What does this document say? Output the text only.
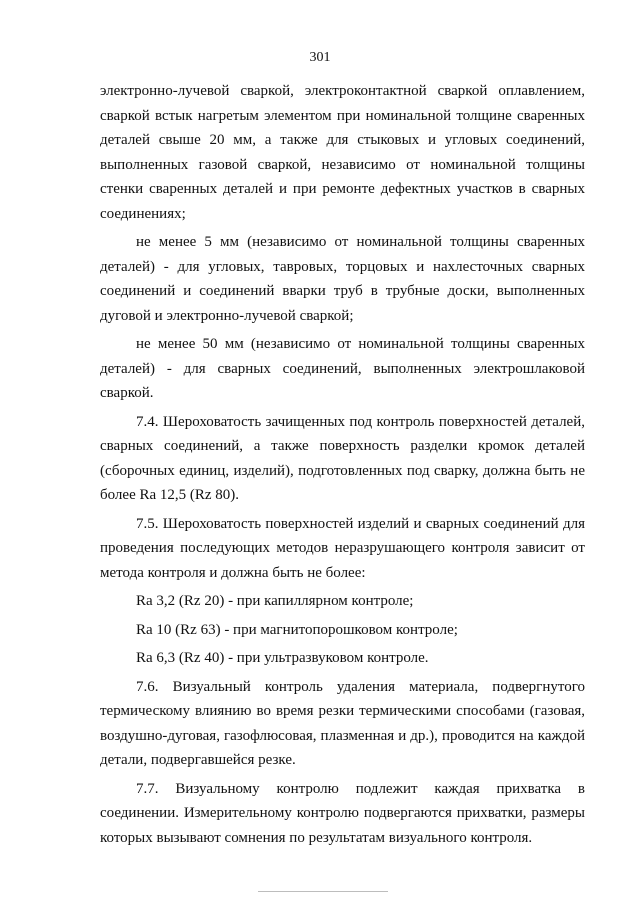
301

электронно-лучевой сваркой, электроконтактной сваркой оплавлением, сваркой встык нагретым элементом при номинальной толщине сваренных деталей свыше 20 мм, а также для стыковых и угловых соединений, выполненных газовой сваркой, независимо от номинальной толщины стенки сваренных деталей и при ремонте дефектных участков в сварных соединениях;

не менее 5 мм (независимо от номинальной толщины сваренных деталей) - для угловых, тавровых, торцовых и нахлесточных сварных соединений и соединений вварки труб в трубные доски, выполненных дуговой и электронно-лучевой сваркой;

не менее 50 мм (независимо от номинальной толщины сваренных деталей) - для сварных соединений, выполненных электрошлаковой сваркой.

7.4. Шероховатость зачищенных под контроль поверхностей деталей, сварных соединений, а также поверхность разделки кромок деталей (сборочных единиц, изделий), подготовленных под сварку, должна быть не более Ra 12,5 (Rz 80).

7.5. Шероховатость поверхностей изделий и сварных соединений для проведения последующих методов неразрушающего контроля зависит от метода контроля и должна быть не более:

Ra 3,2 (Rz 20) - при капиллярном контроле;

Ra 10 (Rz 63) - при магнитопорошковом контроле;

Ra 6,3 (Rz 40) - при ультразвуковом контроле.

7.6. Визуальный контроль удаления материала, подвергнутого термическому влиянию во время резки термическими способами (газовая, воздушно-дуговая, газофлюсовая, плазменная и др.), проводится на каждой детали, подвергавшейся резке.

7.7. Визуальному контролю подлежит каждая прихватка в соединении. Измерительному контролю подвергаются прихватки, размеры которых вызывают сомнения по результатам визуального контроля.
